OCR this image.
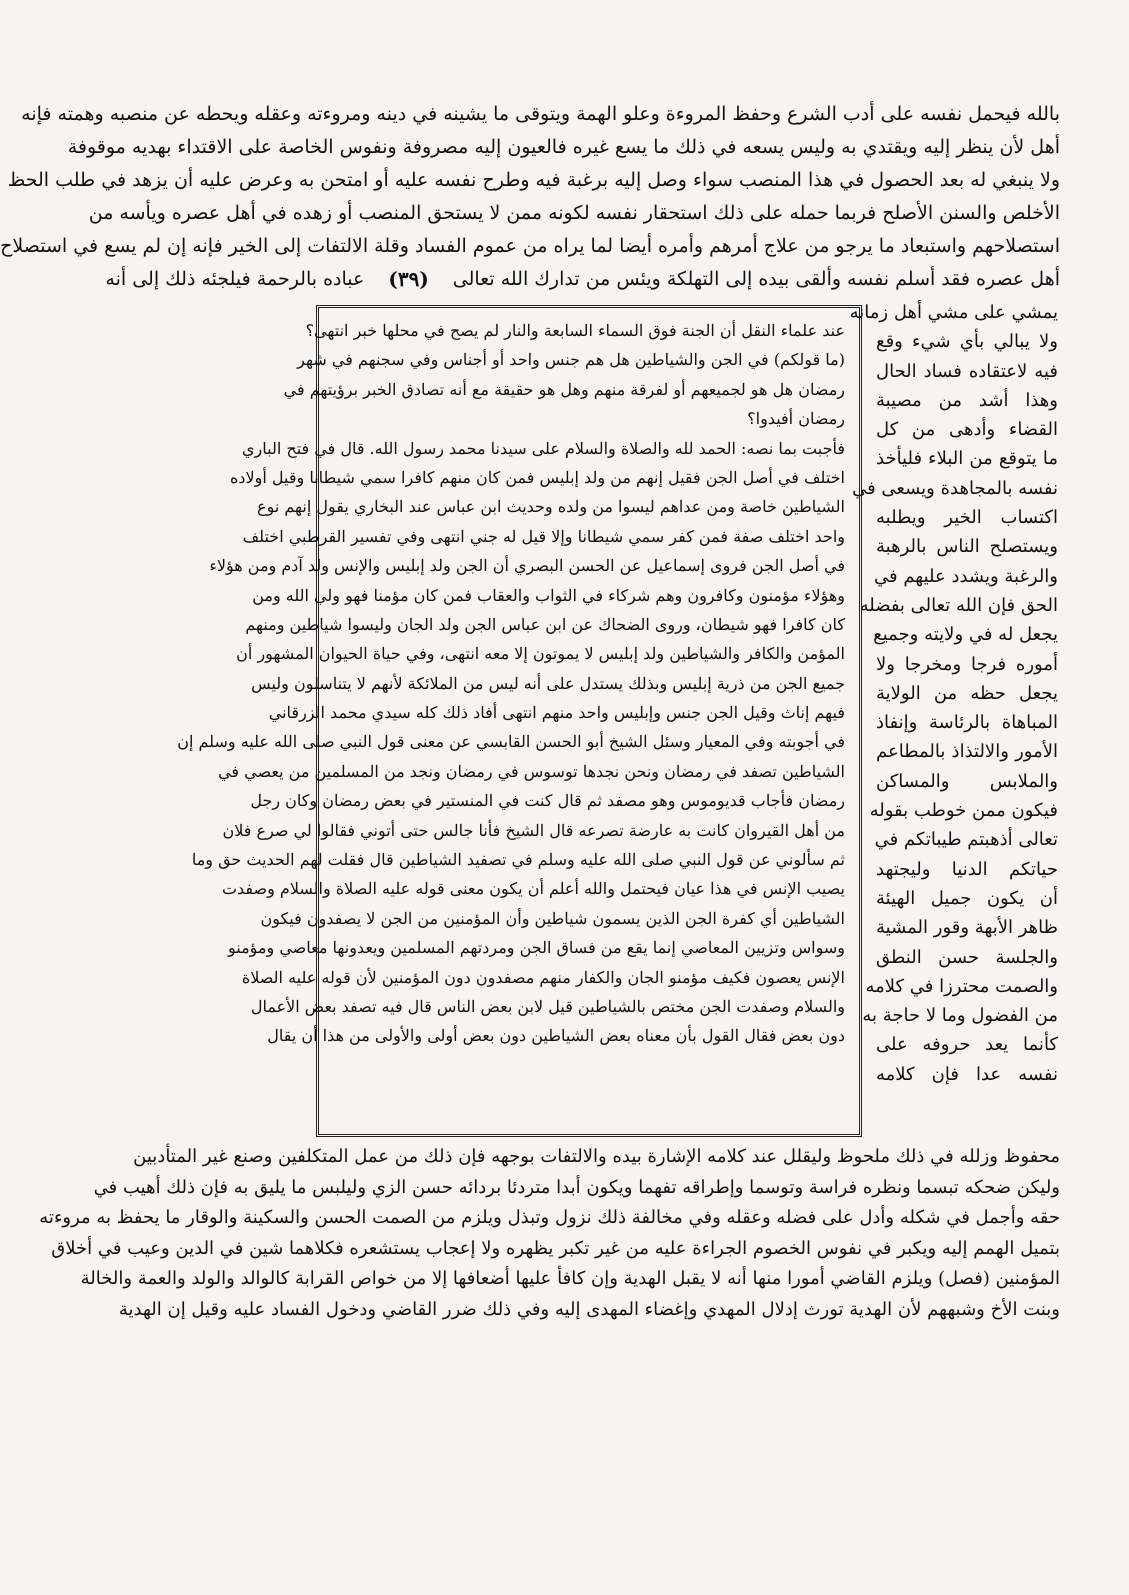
بالله فيحمل نفسه على أدب الشرع وحفظ المروءة وعلو الهمة ويتوقى ما يشينه في دينه ومروءته وعقله ويحطه عن منصبه وهمته فإنه
أهل لأن ينظر إليه ويقتدي به وليس يسعه في ذلك ما يسع غيره فالعيون إليه مصروفة ونفوس الخاصة على الاقتداء بهديه موقوفة
ولا ينبغي له بعد الحصول في هذا المنصب سواء وصل إليه برغبة فيه وطرح نفسه عليه أو امتحن به وعرض عليه أن يزهد في طلب الحظ
الأخلص والسنن الأصلح فربما حمله على ذلك استحقار نفسه لكونه ممن لا يستحق المنصب أو زهده في أهل عصره ويأسه من
استصلاحهم واستبعاد ما يرجو من علاج أمرهم وأمره أيضا لما يراه من عموم الفساد وقلة الالتفات إلى الخير فإنه إن لم يسع في استصلاح
أهل عصره فقد أسلم نفسه وألقى بيده إلى التهلكة ويئس من تدارك الله تعالى
(٣٩)
عباده بالرحمة فيلجئه ذلك إلى أنه
يمشي على مشي أهل زمانه
ولا يبالي بأي شيء وقع
فيه لاعتقاده فساد الحال
وهذا أشد من مصيبة
القضاء وأدهى من كل
ما يتوقع من البلاء فليأخذ
نفسه بالمجاهدة ويسعى في
اكتساب الخير ويطلبه
ويستصلح الناس بالرهبة
والرغبة ويشدد عليهم في
الحق فإن الله تعالى بفضله
يجعل له في ولايته وجميع
أموره فرجا ومخرجا ولا
يجعل حظه من الولاية
المباهاة بالرئاسة وإنفاذ
الأمور والالتذاذ بالمطاعم
والملابس والمساكن
فيكون ممن خوطب بقوله
تعالى أذهبتم طيباتكم في
حياتكم الدنيا وليجتهد
أن يكون جميل الهيئة
ظاهر الأبهة وقور المشية
والجلسة حسن النطق
والصمت محترزا في كلامه
من الفضول وما لا حاجة به
كأنما يعد حروفه على
نفسه عدا فإن كلامه
عند علماء النقل أن الجنة فوق السماء السابعة والنار لم يصح في محلها خبر انتهى؟
(ما قولكم) في الجن والشياطين هل هم جنس واحد أو أجناس وفي سجنهم في شهر
رمضان هل هو لجميعهم أو لفرقة منهم وهل هو حقيقة مع أنه تصادق الخبر برؤيتهم في
رمضان أفيدوا؟
فأجبت بما نصه: الحمد لله والصلاة والسلام على سيدنا محمد رسول الله. قال في فتح الباري
اختلف في أصل الجن فقيل إنهم من ولد إبليس فمن كان منهم كافرا سمي شيطانا وقيل أولاده
الشياطين خاصة ومن عداهم ليسوا من ولده وحديث ابن عباس عند البخاري يقول إنهم نوع
واحد اختلف صفة فمن كفر سمي شيطانا وإلا قيل له جني انتهى وفي تفسير القرطبي اختلف
في أصل الجن فروى إسماعيل عن الحسن البصري أن الجن ولد إبليس والإنس ولد آدم ومن هؤلاء
وهؤلاء مؤمنون وكافرون وهم شركاء في الثواب والعقاب فمن كان مؤمنا فهو ولي الله ومن
كان كافرا فهو شيطان، وروى الضحاك عن ابن عباس الجن ولد الجان وليسوا شياطين ومنهم
المؤمن والكافر والشياطين ولد إبليس لا يموتون إلا معه انتهى، وفي حياة الحيوان المشهور أن
جميع الجن من ذرية إبليس وبذلك يستدل على أنه ليس من الملائكة لأنهم لا يتناسلون وليس
فيهم إناث وقيل الجن جنس وإبليس واحد منهم انتهى أفاد ذلك كله سيدي محمد الزرقاني
في أجوبته وفي المعيار وسئل الشيخ أبو الحسن القابسي عن معنى قول النبي صلى الله عليه وسلم إن
الشياطين تصفد في رمضان ونحن نجدها توسوس في رمضان ونجد من المسلمين من يعصي في
رمضان فأجاب قديوموس وهو مصفد ثم قال كنت في المنستير في بعض رمضان وكان رجل
من أهل القيروان كانت به عارضة تصرعه قال الشيخ فأنا جالس حتى أتوني فقالوا لي صرع فلان
ثم سألوني عن قول النبي صلى الله عليه وسلم في تصفيد الشياطين قال فقلت لهم الحديث حق وما
يصيب الإنس في هذا عيان فيحتمل والله أعلم أن يكون معنى قوله عليه الصلاة والسلام وصفدت
الشياطين أي كفرة الجن الذين يسمون شياطين وأن المؤمنين من الجن لا يصفدون فيكون
وسواس وتزيين المعاصي إنما يقع من فساق الجن ومردتهم المسلمين ويعدونها معاصي ومؤمنو
الإنس يعصون فكيف مؤمنو الجان والكفار منهم مصفدون دون المؤمنين لأن قوله عليه الصلاة
والسلام وصفدت الجن مختص بالشياطين قيل لابن بعض الناس قال فيه تصفد بعض الأعمال
دون بعض فقال القول بأن معناه بعض الشياطين دون بعض أولى والأولى من هذا أن يقال
محفوظ وزلله في ذلك ملحوظ وليقلل عند كلامه الإشارة بيده والالتفات بوجهه فإن ذلك من عمل المتكلفين وصنع غير المتأدبين
وليكن ضحكه تبسما ونظره فراسة وتوسما وإطراقه تفهما ويكون أبدا متردئا بردائه حسن الزي وليلبس ما يليق به فإن ذلك أهيب في
حقه وأجمل في شكله وأدل على فضله وعقله وفي مخالفة ذلك نزول وتبذل ويلزم من الصمت الحسن والسكينة والوقار ما يحفظ به مروءته
بتميل الهمم إليه ويكبر في نفوس الخصوم الجراءة عليه من غير تكبر يظهره ولا إعجاب يستشعره فكلاهما شين في الدين وعيب في أخلاق
المؤمنين (فصل) ويلزم القاضي أمورا منها أنه لا يقبل الهدية وإن كافأ عليها أضعافها إلا من خواص القرابة كالوالد والولد والعمة والخالة
وبنت الأخ وشبههم لأن الهدية تورث إدلال المهدي وإغضاء المهدى إليه وفي ذلك ضرر القاضي ودخول الفساد عليه وقيل إن الهدية
